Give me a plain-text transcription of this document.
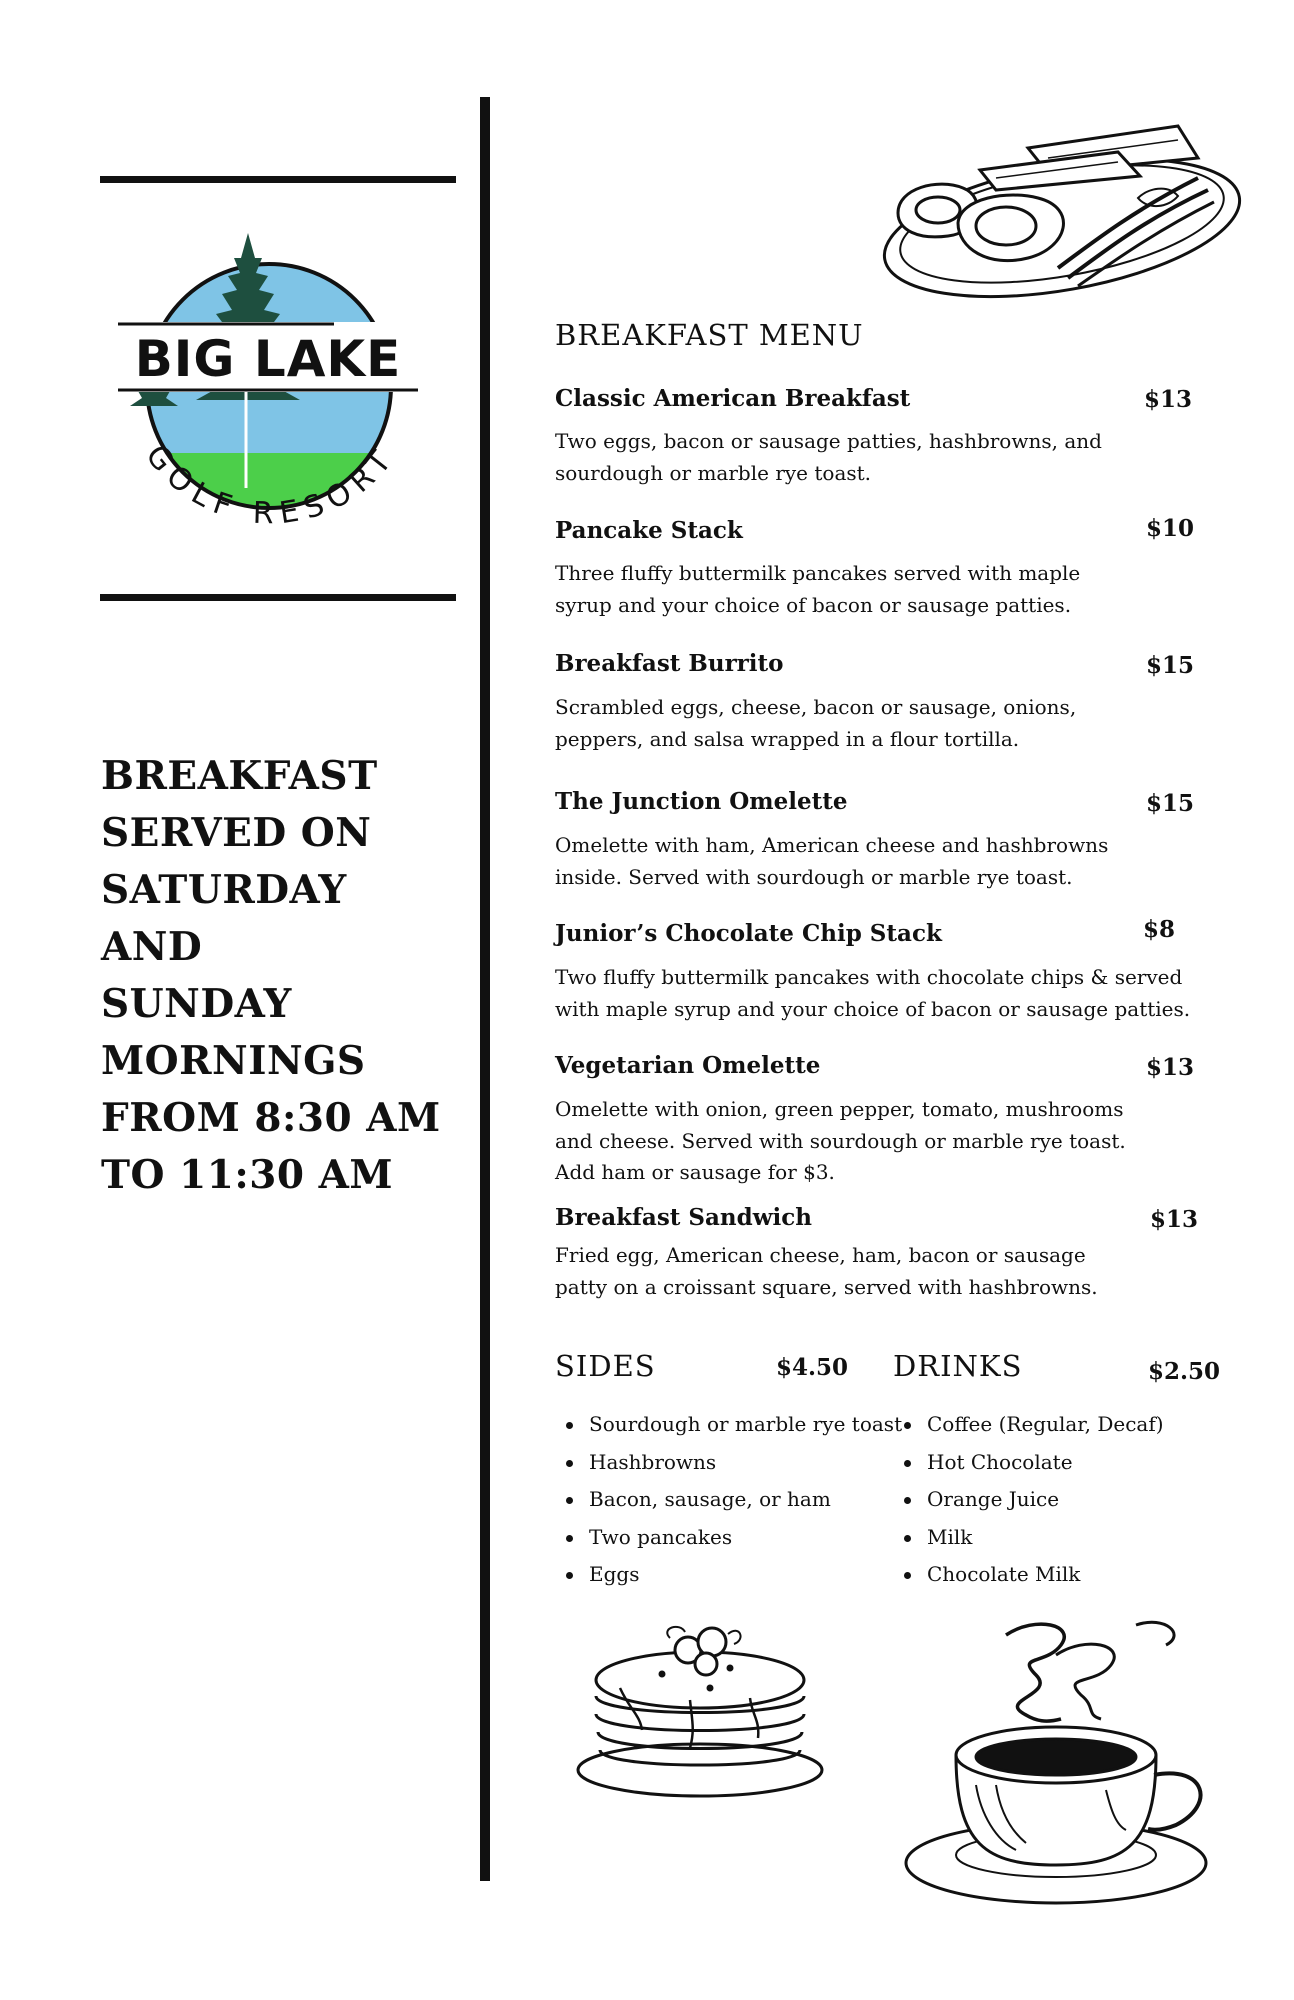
BIG LAKE
GOLF RESORT
BREAKFAST
SERVED ON
SATURDAY AND
SUNDAY
MORNINGS
FROM 8:30 AM
TO 11:30 AM
BREAKFAST MENU
Classic American Breakfast	$13
Two eggs, bacon or sausage patties, hashbrowns, and
sourdough or marble rye toast.
Pancake Stack	$10
Three fluffy buttermilk pancakes served with maple
syrup and your choice of bacon or sausage patties.
Breakfast Burrito	$15
Scrambled eggs, cheese, bacon or sausage, onions,
peppers, and salsa wrapped in a flour tortilla.
The Junction Omelette	$15
Omelette with ham, American cheese and hashbrowns
inside. Served with sourdough or marble rye toast.
Junior’s Chocolate Chip Stack	$8
Two fluffy buttermilk pancakes with chocolate chips & served
with maple syrup and your choice of bacon or sausage patties.
Vegetarian Omelette	$13
Omelette with onion, green pepper, tomato, mushrooms
and cheese. Served with sourdough or marble rye toast.
Add ham or sausage for $3.
Breakfast Sandwich	$13
Fried egg, American cheese, ham, bacon or sausage
patty on a croissant square, served with hashbrowns.
SIDES	$4.50
Sourdough or marble rye toast
Hashbrowns
Bacon, sausage, or ham
Two pancakes
Eggs
DRINKS	$2.50
Coffee (Regular, Decaf)
Hot Chocolate
Orange Juice
Milk
Chocolate Milk
